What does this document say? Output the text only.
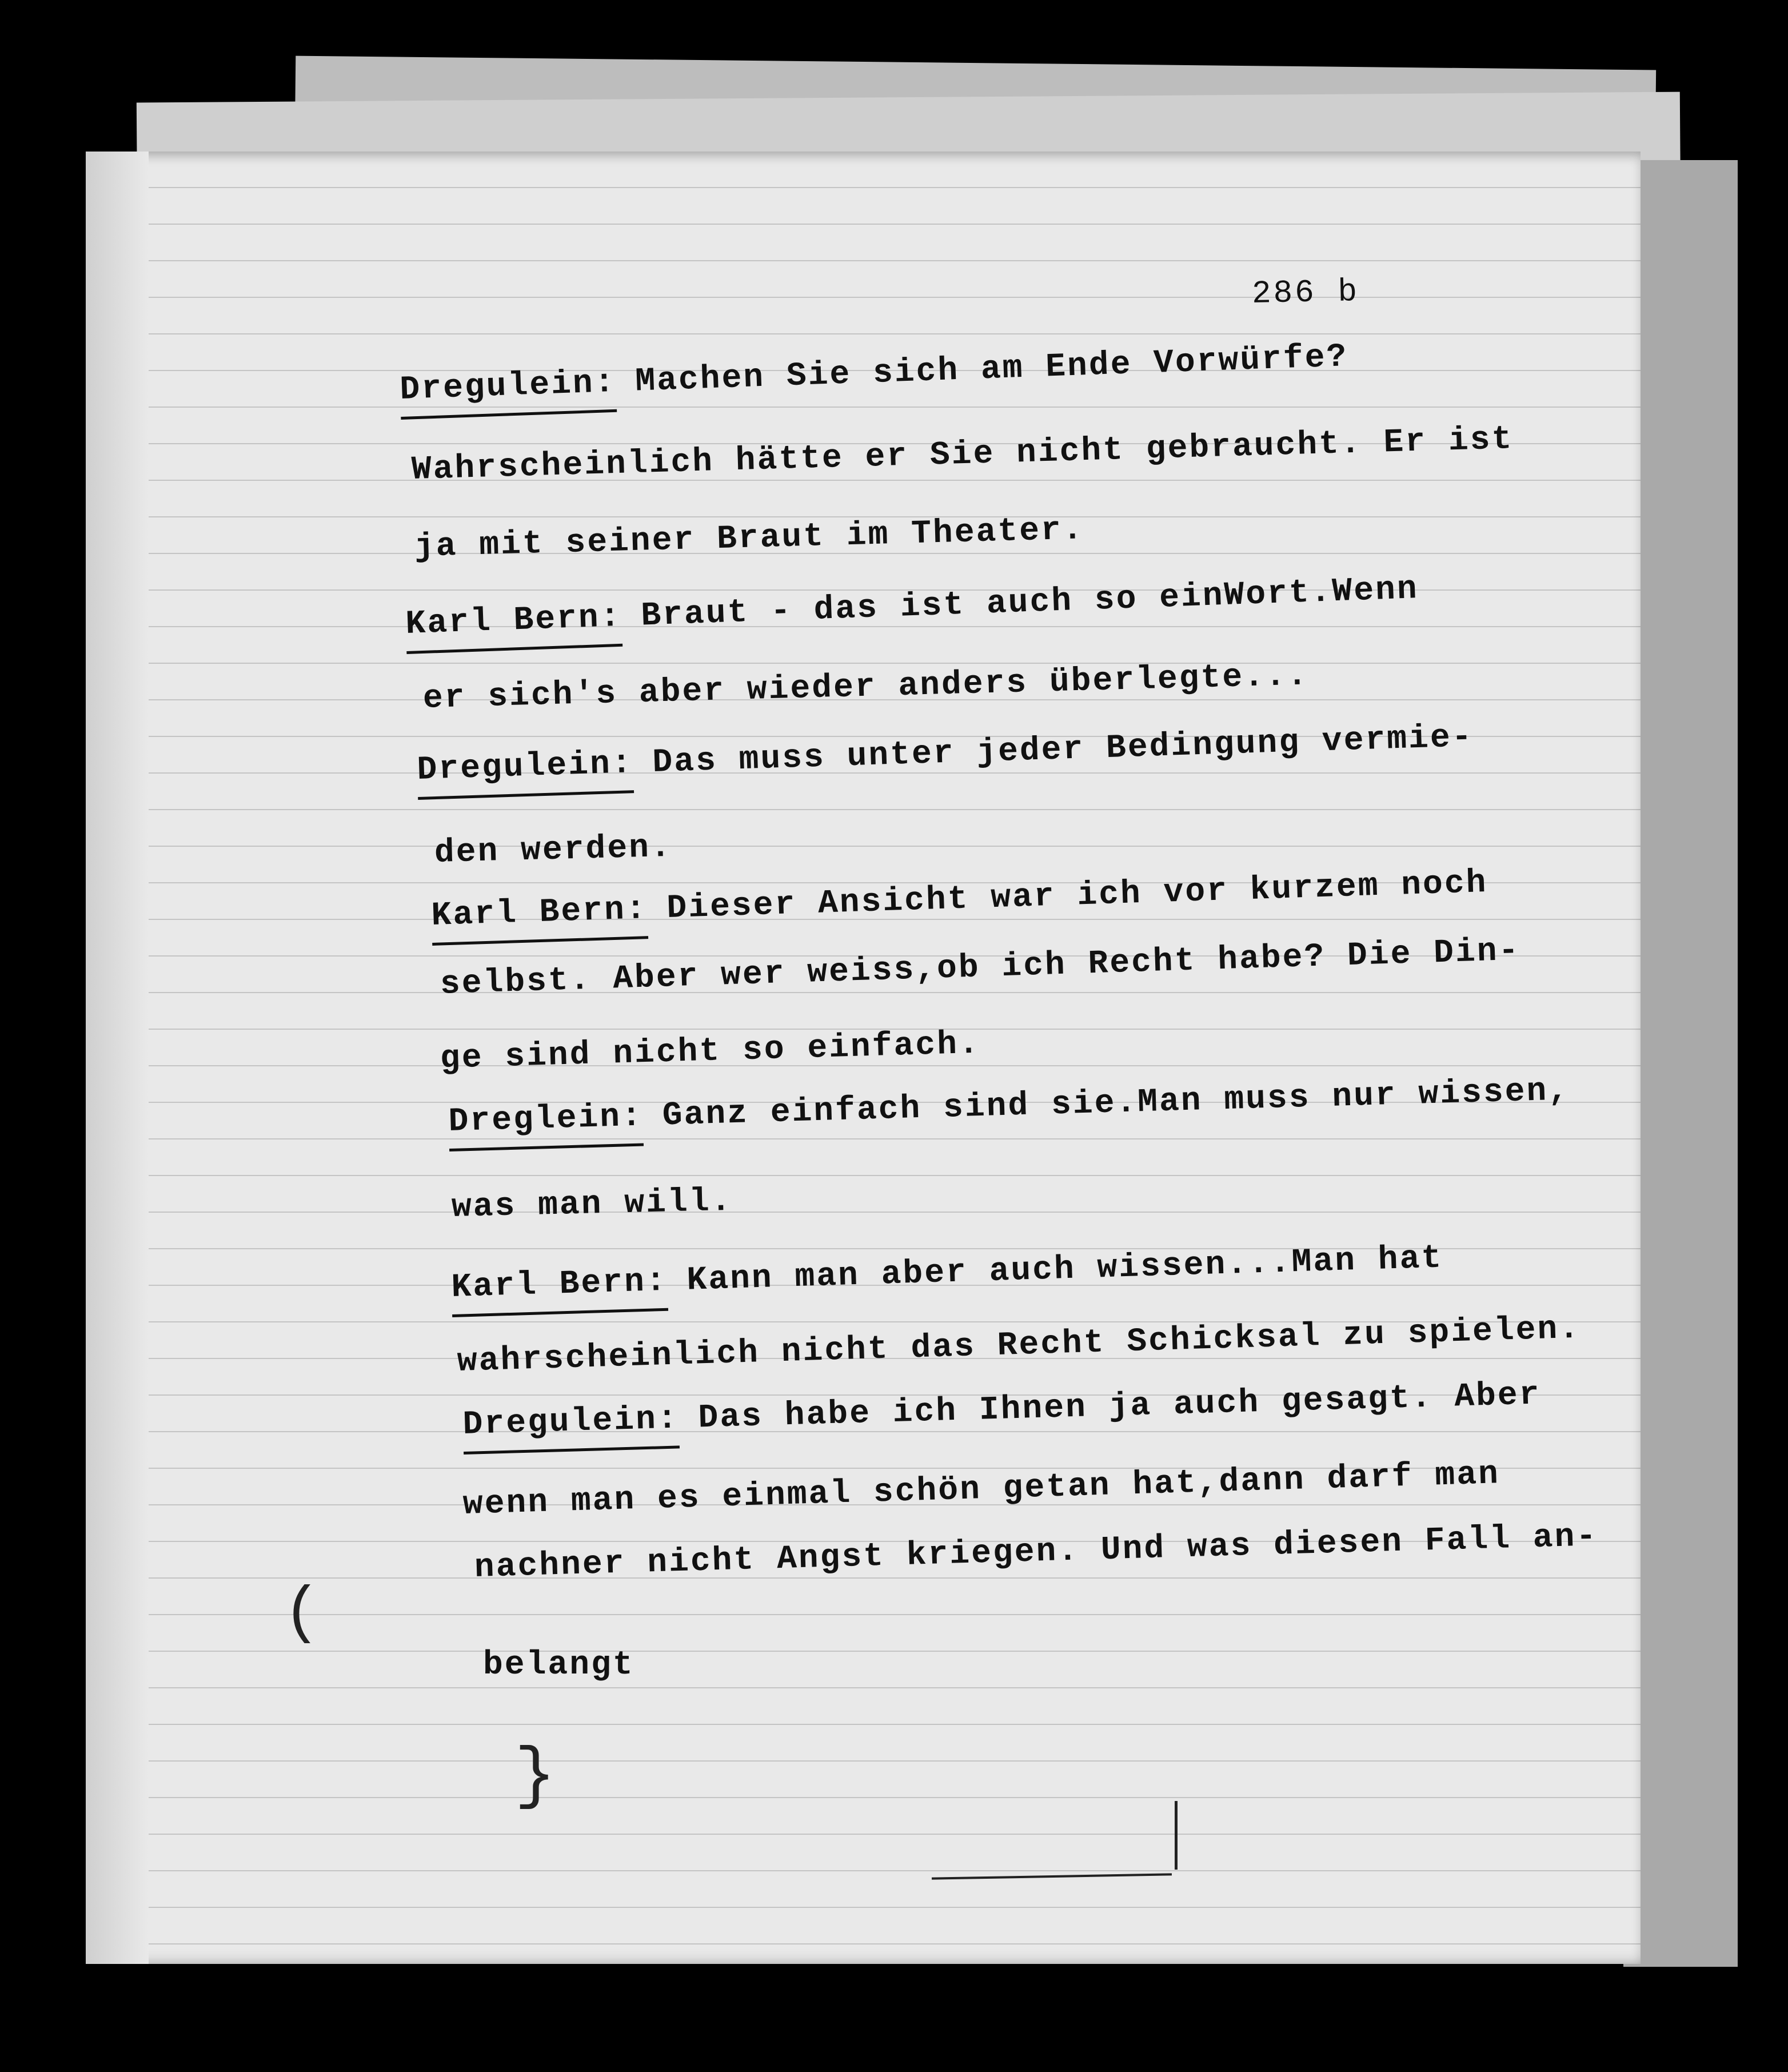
286 b
Dregulein: Machen Sie sich am Ende Vorwürfe?
Wahrscheinlich hätte er Sie nicht gebraucht. Er ist
ja mit seiner Braut im Theater.
Karl Bern: Braut - das ist auch so einWort.Wenn
er sich's aber wieder anders überlegte...
Dregulein: Das muss unter jeder Bedingung vermie-
den werden.
Karl Bern: Dieser Ansicht war ich vor kurzem noch
selbst. Aber wer weiss,ob ich Recht habe? Die Din-
ge sind nicht so einfach.
Dreglein: Ganz einfach sind sie.Man muss nur wissen,
was man will.
Karl Bern: Kann man aber auch wissen...Man hat
wahrscheinlich nicht das Recht Schicksal zu spielen.
Dregulein: Das habe ich Ihnen ja auch gesagt. Aber
wenn man es einmal schön getan hat,dann darf man
nachner nicht Angst kriegen. Und was diesen Fall an-
belangt
(
}
